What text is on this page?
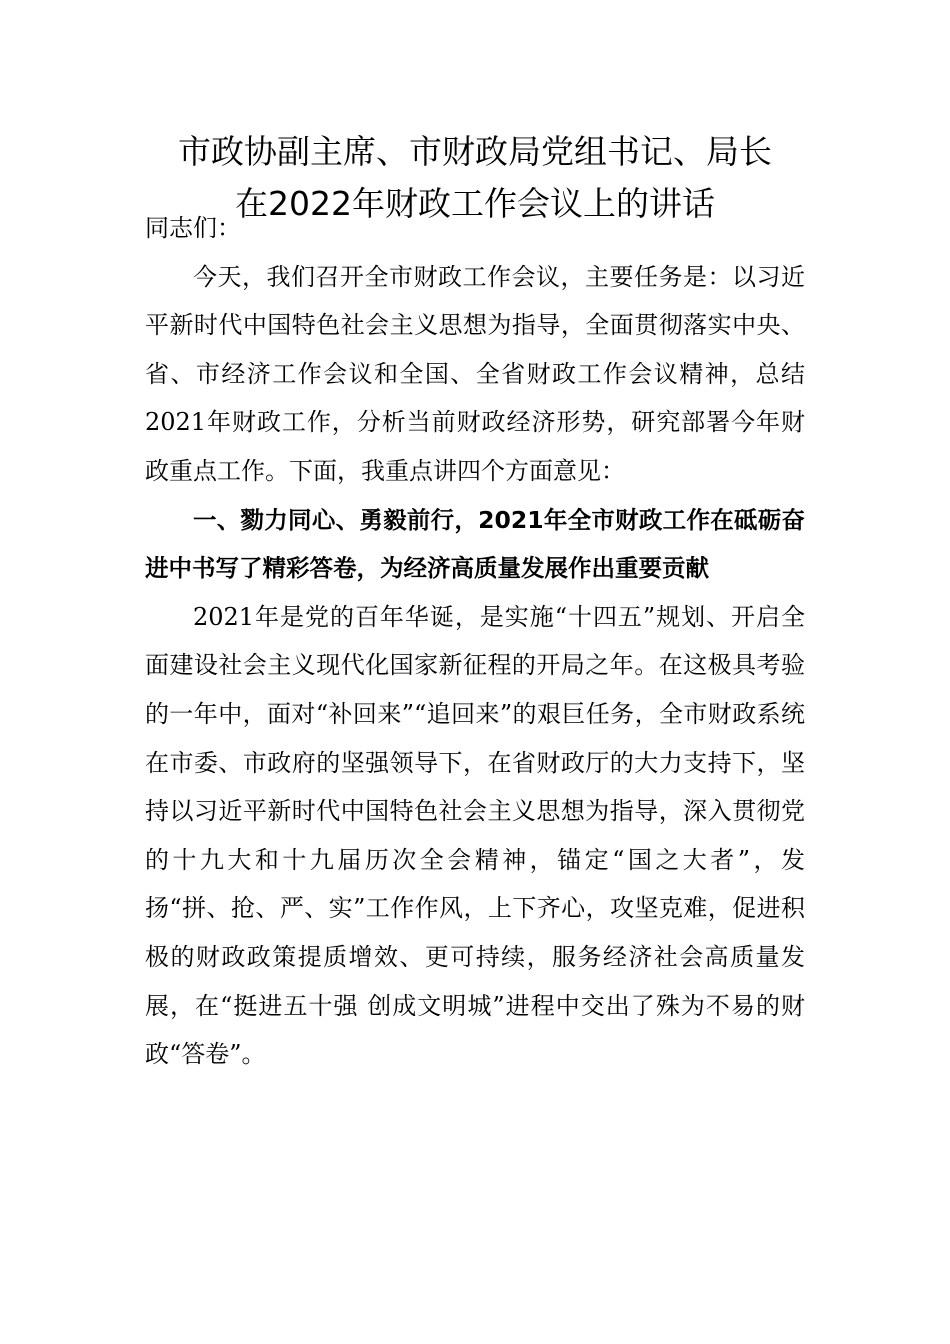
市政协副主席、市财政局党组书记、局长
在2022年财政工作会议上的讲话

同志们：

今天，我们召开全市财政工作会议，主要任务是：以习近平新时代中国特色社会主义思想为指导，全面贯彻落实中央、省、市经济工作会议和全国、全省财政工作会议精神，总结2021年财政工作，分析当前财政经济形势，研究部署今年财政重点工作。下面，我重点讲四个方面意见：

一、勠力同心、勇毅前行，2021年全市财政工作在砥砺奋进中书写了精彩答卷，为经济高质量发展作出重要贡献

2021年是党的百年华诞，是实施“十四五”规划、开启全面建设社会主义现代化国家新征程的开局之年。在这极具考验的一年中，面对“补回来”“追回来”的艰巨任务，全市财政系统在市委、市政府的坚强领导下，在省财政厅的大力支持下，坚持以习近平新时代中国特色社会主义思想为指导，深入贯彻党的十九大和十九届历次全会精神，锚定“国之大者”，发扬“拼、抢、严、实”工作作风，上下齐心，攻坚克难，促进积极的财政政策提质增效、更可持续，服务经济社会高质量发展，在“挺进五十强 创成文明城”进程中交出了殊为不易的财政“答卷”。
